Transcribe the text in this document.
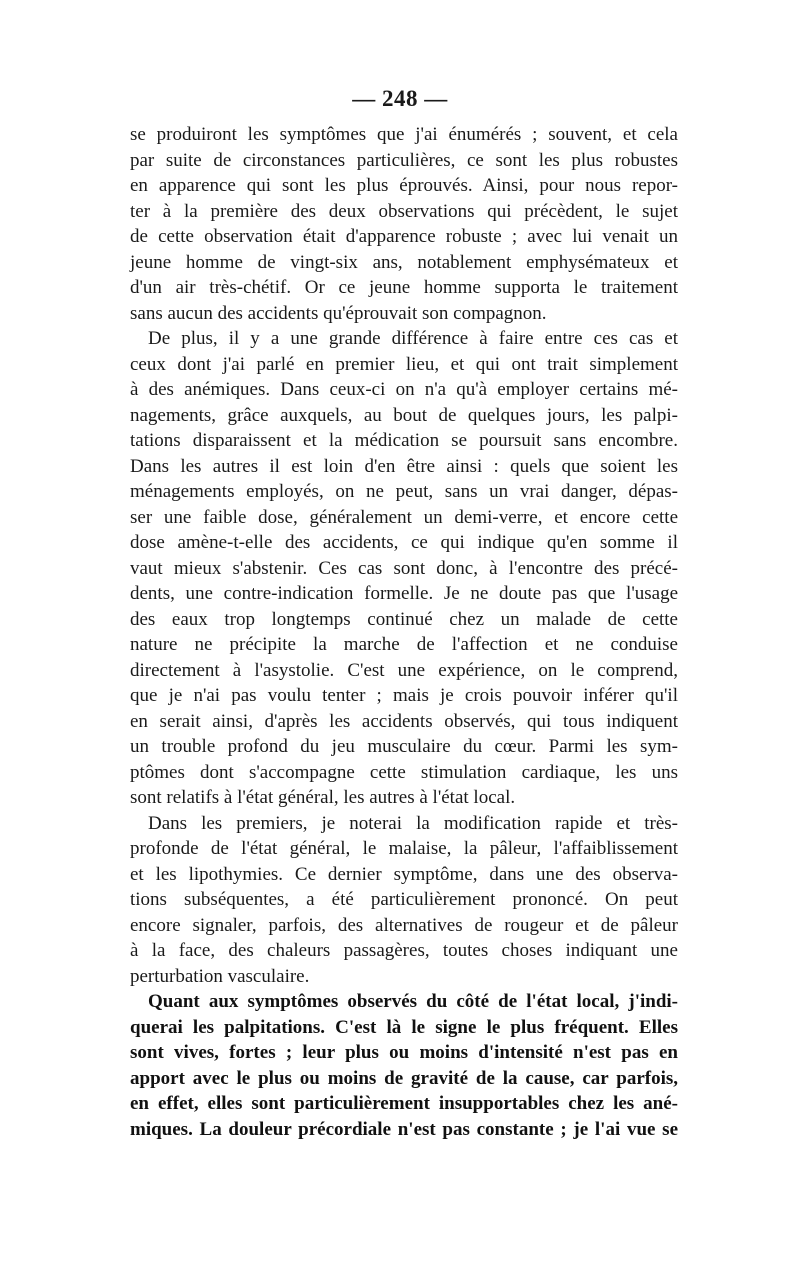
— 248 —
se produiront les symptômes que j'ai énumérés ; souvent, et cela
par suite de circonstances particulières, ce sont les plus robustes
en apparence qui sont les plus éprouvés. Ainsi, pour nous repor-
ter à la première des deux observations qui précèdent, le sujet
de cette observation était d'apparence robuste ; avec lui venait un
jeune homme de vingt-six ans, notablement emphysémateux et
d'un air très-chétif. Or ce jeune homme supporta le traitement
sans aucun des accidents qu'éprouvait son compagnon.
De plus, il y a une grande différence à faire entre ces cas et
ceux dont j'ai parlé en premier lieu, et qui ont trait simplement
à des anémiques. Dans ceux-ci on n'a qu'à employer certains mé-
nagements, grâce auxquels, au bout de quelques jours, les palpi-
tations disparaissent et la médication se poursuit sans encombre.
Dans les autres il est loin d'en être ainsi : quels que soient les
ménagements employés, on ne peut, sans un vrai danger, dépas-
ser une faible dose, généralement un demi-verre, et encore cette
dose amène-t-elle des accidents, ce qui indique qu'en somme il
vaut mieux s'abstenir. Ces cas sont donc, à l'encontre des précé-
dents, une contre-indication formelle. Je ne doute pas que l'usage
des eaux trop longtemps continué chez un malade de cette
nature ne précipite la marche de l'affection et ne conduise
directement à l'asystolie. C'est une expérience, on le comprend,
que je n'ai pas voulu tenter ; mais je crois pouvoir inférer qu'il
en serait ainsi, d'après les accidents observés, qui tous indiquent
un trouble profond du jeu musculaire du cœur. Parmi les sym-
ptômes dont s'accompagne cette stimulation cardiaque, les uns
sont relatifs à l'état général, les autres à l'état local.
Dans les premiers, je noterai la modification rapide et très-
profonde de l'état général, le malaise, la pâleur, l'affaiblissement
et les lipothymies. Ce dernier symptôme, dans une des observa-
tions subséquentes, a été particulièrement prononcé. On peut
encore signaler, parfois, des alternatives de rougeur et de pâleur
à la face, des chaleurs passagères, toutes choses indiquant une
perturbation vasculaire.
Quant aux symptômes observés du côté de l'état local, j'indi-
querai les palpitations. C'est là le signe le plus fréquent. Elles
sont vives, fortes ; leur plus ou moins d'intensité n'est pas en
apport avec le plus ou moins de gravité de la cause, car parfois,
en effet, elles sont particulièrement insupportables chez les ané-
miques. La douleur précordiale n'est pas constante ; je l'ai vue se
